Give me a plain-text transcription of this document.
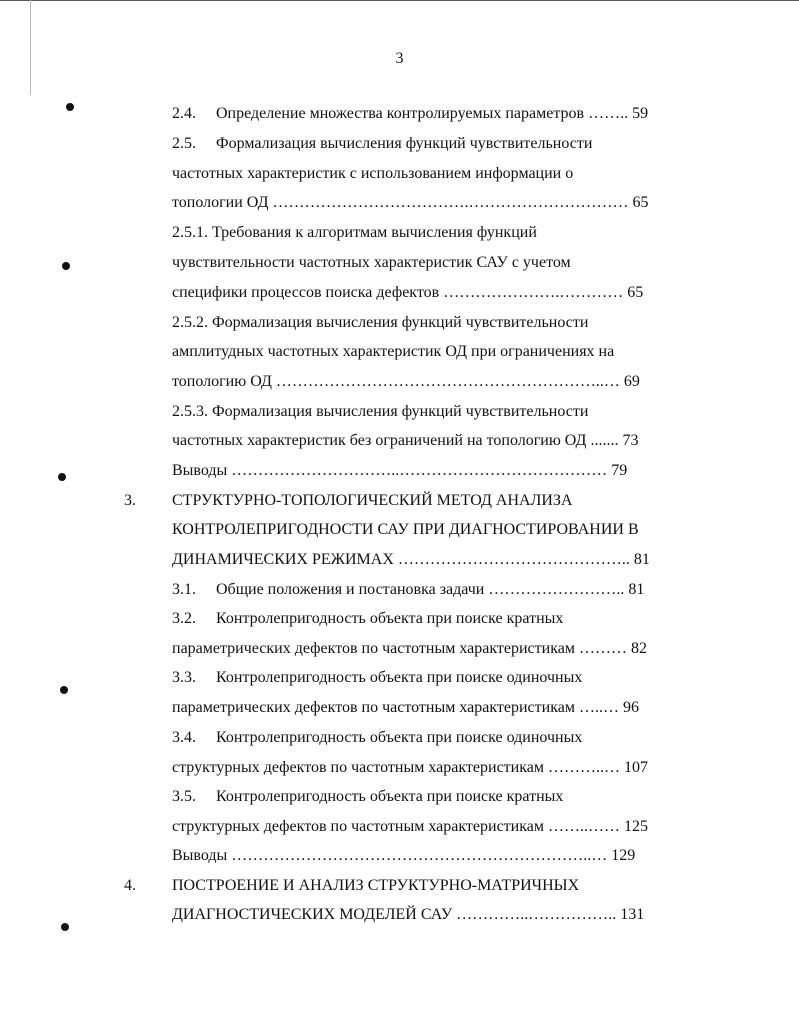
3
2.4. Определение множества контролируемых параметров …….. 59
2.5. Формализация вычисления функций чувствительности
частотных характеристик с использованием информации о
топологии ОД ……………………………….………………………… 65
2.5.1. Требования к алгоритмам вычисления функций
чувствительности частотных характеристик САУ с учетом
специфики процессов поиска дефектов ………………….………… 65
2.5.2. Формализация вычисления функций чувствительности
амплитудных частотных характеристик ОД при ограничениях на
топологию ОД ……………………………………………………..… 69
2.5.3. Формализация вычисления функций чувствительности
частотных характеристик без ограничений на топологию ОД ....... 73
Выводы …………………………..………………………………… 79
3. СТРУКТУРНО-ТОПОЛОГИЧЕСКИЙ МЕТОД АНАЛИЗА
КОНТРОЛЕПРИГОДНОСТИ САУ ПРИ ДИАГНОСТИРОВАНИИ В
ДИНАМИЧЕСКИХ РЕЖИМАХ …………………………………….. 81
3.1. Общие положения и постановка задачи …………………….. 81
3.2. Контролепригодность объекта при поиске кратных
параметрических дефектов по частотным характеристикам ……… 82
3.3. Контролепригодность объекта при поиске одиночных
параметрических дефектов по частотным характеристикам …..… 96
3.4. Контролепригодность объекта при поиске одиночных
структурных дефектов по частотным характеристикам ………..… 107
3.5. Контролепригодность объекта при поиске кратных
структурных дефектов по частотным характеристикам ……..…… 125
Выводы …………………………………………………………..… 129
4. ПОСТРОЕНИЕ И АНАЛИЗ СТРУКТУРНО-МАТРИЧНЫХ
ДИАГНОСТИЧЕСКИХ МОДЕЛЕЙ САУ …………..…………….. 131
